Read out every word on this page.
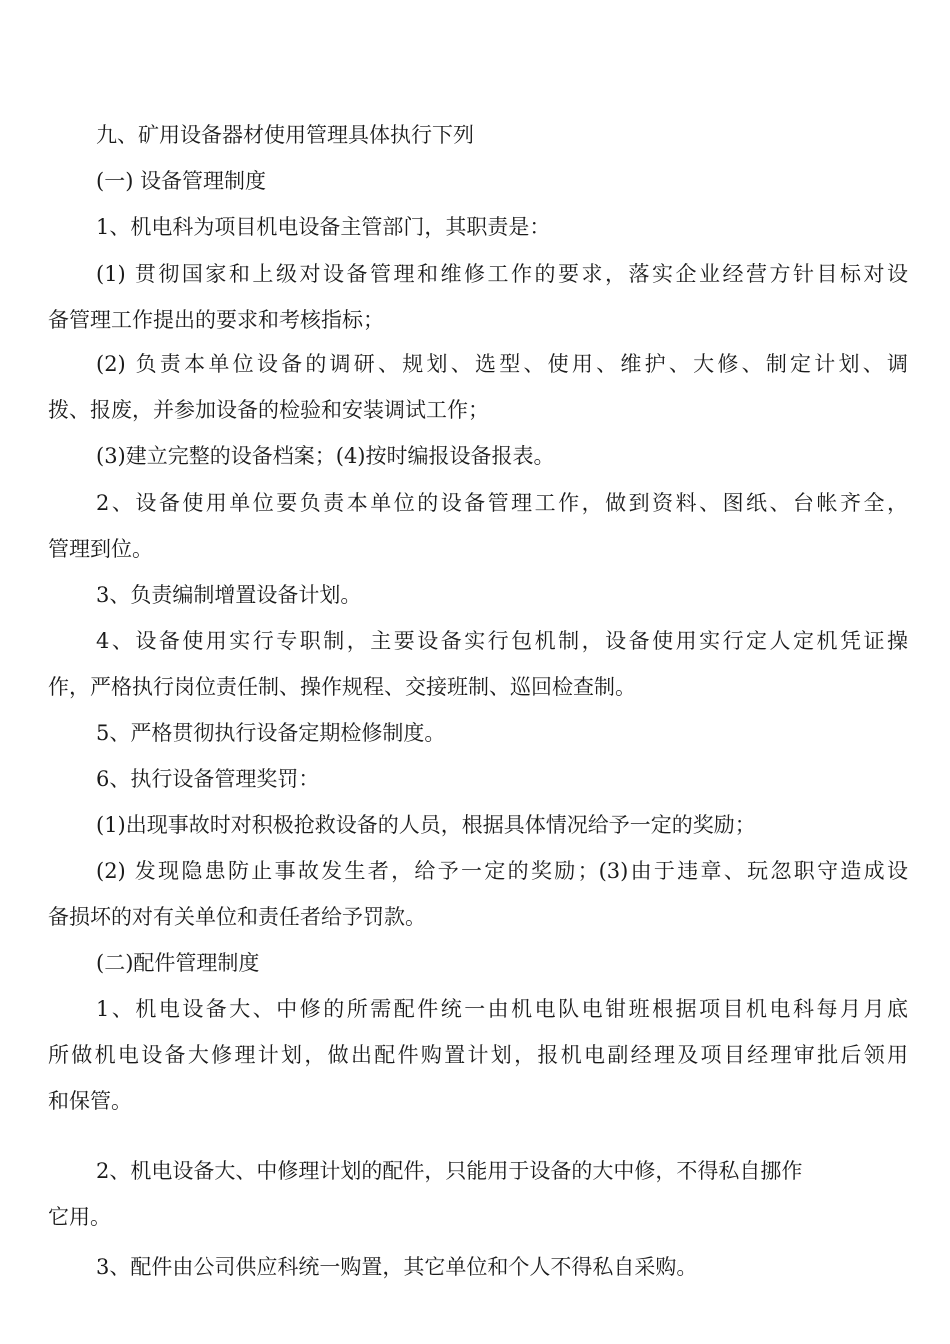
九、矿用设备器材使用管理具体执行下列
(一) 设备管理制度
1、机电科为项目机电设备主管部门，其职责是：
(1) 贯彻国家和上级对设备管理和维修工作的要求，落实企业经营方针目标对设
备管理工作提出的要求和考核指标；
(2) 负责本单位设备的调研、规划、选型、使用、维护、大修、制定计划、调
拨、报废，并参加设备的检验和安装调试工作；
(3)建立完整的设备档案；(4)按时编报设备报表。
2、设备使用单位要负责本单位的设备管理工作，做到资料、图纸、台帐齐全，
管理到位。
3、负责编制增置设备计划。
4、设备使用实行专职制，主要设备实行包机制，设备使用实行定人定机凭证操
作，严格执行岗位责任制、操作规程、交接班制、巡回检查制。
5、严格贯彻执行设备定期检修制度。
6、执行设备管理奖罚：
(1)出现事故时对积极抢救设备的人员，根据具体情况给予一定的奖励；
(2) 发现隐患防止事故发生者，给予一定的奖励；(3)由于违章、玩忽职守造成设
备损坏的对有关单位和责任者给予罚款。
(二)配件管理制度
1、机电设备大、中修的所需配件统一由机电队电钳班根据项目机电科每月月底
所做机电设备大修理计划，做出配件购置计划，报机电副经理及项目经理审批后领用
和保管。
2、机电设备大、中修理计划的配件，只能用于设备的大中修，不得私自挪作
它用。
3、配件由公司供应科统一购置，其它单位和个人不得私自采购。
